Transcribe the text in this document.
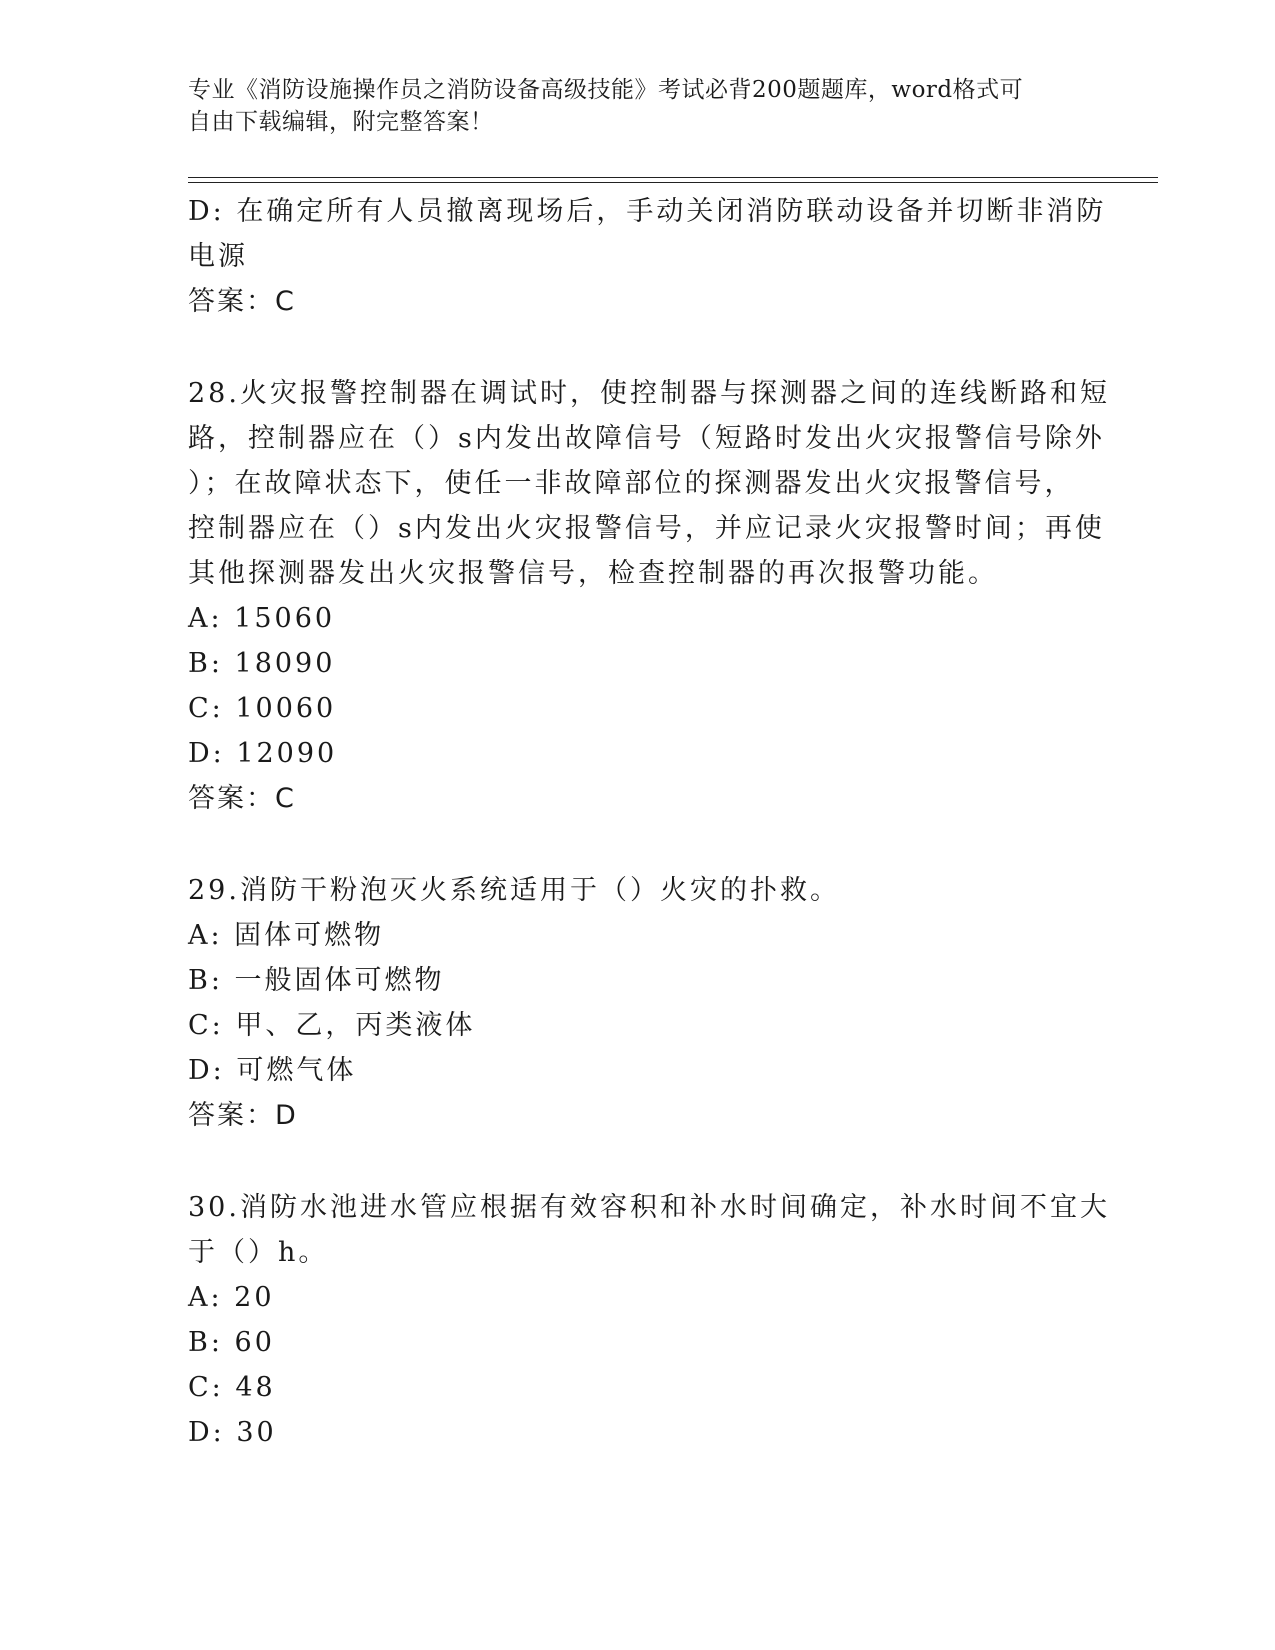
专业《消防设施操作员之消防设备高级技能》考试必背200题题库，word格式可
自由下载编辑，附完整答案！
D: 在确定所有人员撤离现场后，手动关闭消防联动设备并切断非消防
电源
答案：C
28.火灾报警控制器在调试时，使控制器与探测器之间的连线断路和短
路，控制器应在（）s内发出故障信号（短路时发出火灾报警信号除外
）；在故障状态下，使任一非故障部位的探测器发出火灾报警信号，
控制器应在（）s内发出火灾报警信号，并应记录火灾报警时间；再使
其他探测器发出火灾报警信号，检查控制器的再次报警功能。
A: 15060
B: 18090
C: 10060
D: 12090
答案：C
29.消防干粉泡灭火系统适用于（）火灾的扑救。
A: 固体可燃物
B: 一般固体可燃物
C: 甲、乙，丙类液体
D: 可燃气体
答案：D
30.消防水池进水管应根据有效容积和补水时间确定，补水时间不宜大
于（）h。
A: 20
B: 60
C: 48
D: 30
